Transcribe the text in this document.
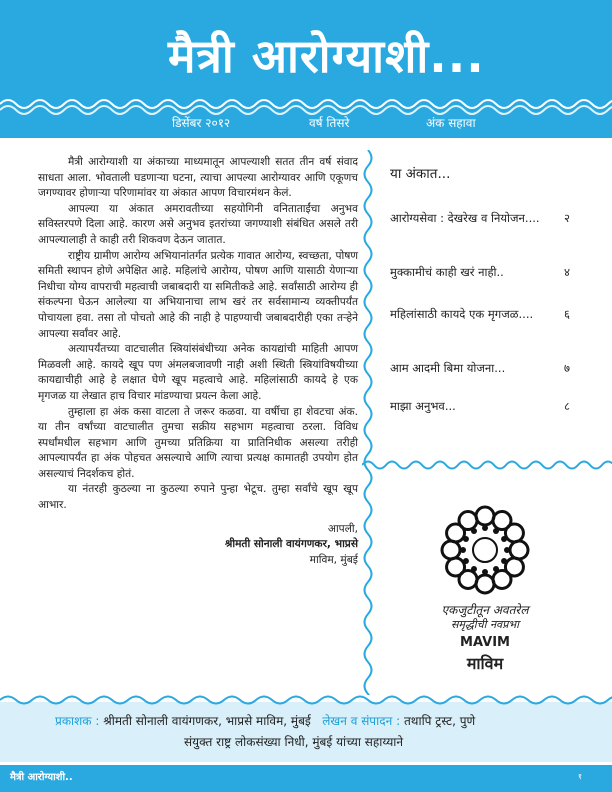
मैत्री आरोग्याशी...
डिसेंबर २०१२	वर्ष तिसरे	अंक सहावा

मैत्री आरोग्याशी या अंकाच्या माध्यमातून आपल्याशी सतत तीन वर्ष संवाद साधता आला. भोवताली घडणाऱ्या घटना, त्याचा आपल्या आरोग्यावर आणि एकूणच जगण्यावर होणाऱ्या परिणामांवर या अंकात आपण विचारमंथन केलं.

आपल्या या अंकात अमरावतीच्या सहयोगिनी वनिताताईंचा अनुभव सविस्तरपणे दिला आहे. कारण असे अनुभव इतरांच्या जगण्याशी संबंधित असले तरी आपल्यालाही ते काही तरी शिकवण देऊन जातात.

राष्ट्रीय ग्रामीण आरोग्य अभियानांतर्गत प्रत्येक गावात आरोग्य, स्वच्छता, पोषण समिती स्थापन होणे अपेक्षित आहे. महिलांचे आरोग्य, पोषण आणि यासाठी येणाऱ्या निधीचा योग्य वापराची महत्वाची जबाबदारी या समितीकडे आहे. सर्वांसाठी आरोग्य ही संकल्पना घेऊन आलेल्या या अभियानाचा लाभ खरं तर सर्वसामान्य व्यक्तीपर्यंत पोचायला हवा. तसा तो पोचतो आहे की नाही हे पाहण्याची जबाबदारीही एका तऱ्हेने आपल्या सर्वांवर आहे.

अत्यापर्यंतच्या वाटचालीत स्त्रियांसंबंधीच्या अनेक कायद्यांची माहिती आपण मिळवली आहे. कायदे खूप पण अंमलबजावणी नाही अशी स्थिती स्त्रियांविषयीच्या कायद्याचीही आहे हे लक्षात घेणे खूप महत्वाचे आहे. महिलांसाठी कायदे हे एक मृगजळ या लेखात हाच विचार मांडण्याचा प्रयत्न केला आहे.

तुम्हाला हा अंक कसा वाटला ते जरूर कळवा. या वर्षीचा हा शेवटचा अंक. या तीन वर्षांच्या वाटचालीत तुमचा सक्रीय सहभाग महत्वाचा ठरला. विविध स्पर्धांमधील सहभाग आणि तुमच्या प्रतिक्रिया या प्रातिनिधीक असल्या तरीही आपल्यापर्यंत हा अंक पोहचत असल्याचे आणि त्याचा प्रत्यक्ष कामातही उपयोग होत असल्याचं निदर्शकच होतं.

या नंतरही कुठल्या ना कुठल्या रुपाने पुन्हा भेटूच. तुम्हा सर्वांचे खूप खूप आभार.

आपली,

श्रीमती सोनाली वायंगणकर, भाप्रसे

माविम, मुंबई

या अंकात...
आरोग्यसेवा : देखरेख व नियोजन....	२
मुक्कामीचं काही खरं नाही..	४
महिलांसाठी कायदे एक मृगजळ....	६
आम आदमी बिमा योजना...	७
माझा अनुभव...	८
एकजुटीतून अवतरेल
समृद्धीची नवप्रभा
MAVIM
माविम
प्रकाशक : श्रीमती सोनाली वायंगणकर, भाप्रसे माविम, मुंबई लेखन व संपादन : तथापि ट्रस्ट, पुणे
संयुक्त राष्ट्र लोकसंख्या निधी, मुंबई यांच्या सहाय्याने
मैत्री आरोग्याशी..	१
